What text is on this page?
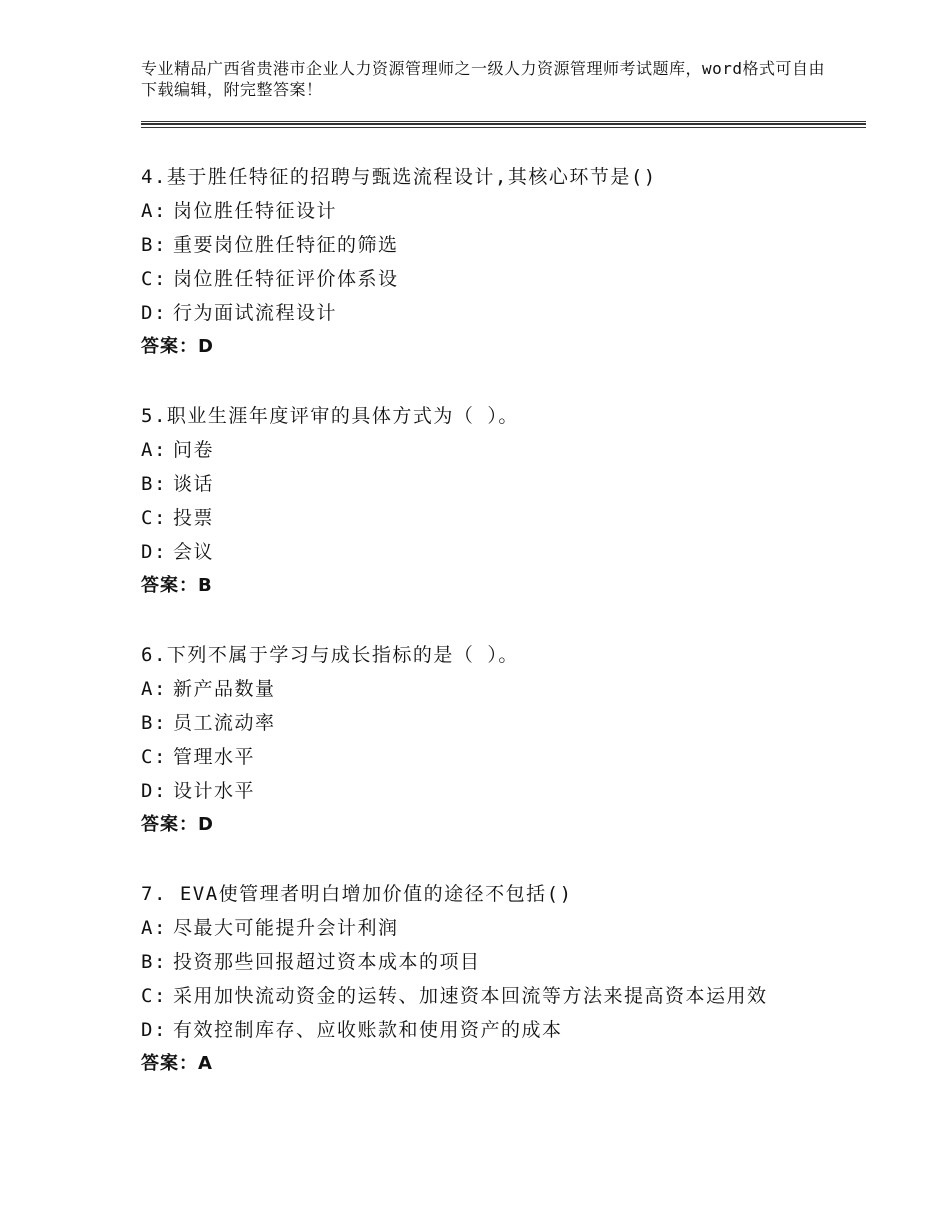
专业精品广西省贵港市企业人力资源管理师之一级人力资源管理师考试题库，word格式可自由下载编辑，附完整答案！
4.基于胜任特征的招聘与甄选流程设计,其核心环节是()
A: 岗位胜任特征设计
B: 重要岗位胜任特征的筛选
C: 岗位胜任特征评价体系设
D: 行为面试流程设计
答案：D
5.职业生涯年度评审的具体方式为（ ）。
A: 问卷
B: 谈话
C: 投票
D: 会议
答案：B
6.下列不属于学习与成长指标的是（ ）。
A: 新产品数量
B: 员工流动率
C: 管理水平
D: 设计水平
答案：D
7. EVA使管理者明白增加价值的途径不包括()
A: 尽最大可能提升会计利润
B: 投资那些回报超过资本成本的项目
C: 采用加快流动资金的运转、加速资本回流等方法来提高资本运用效
D: 有效控制库存、应收账款和使用资产的成本
答案：A
